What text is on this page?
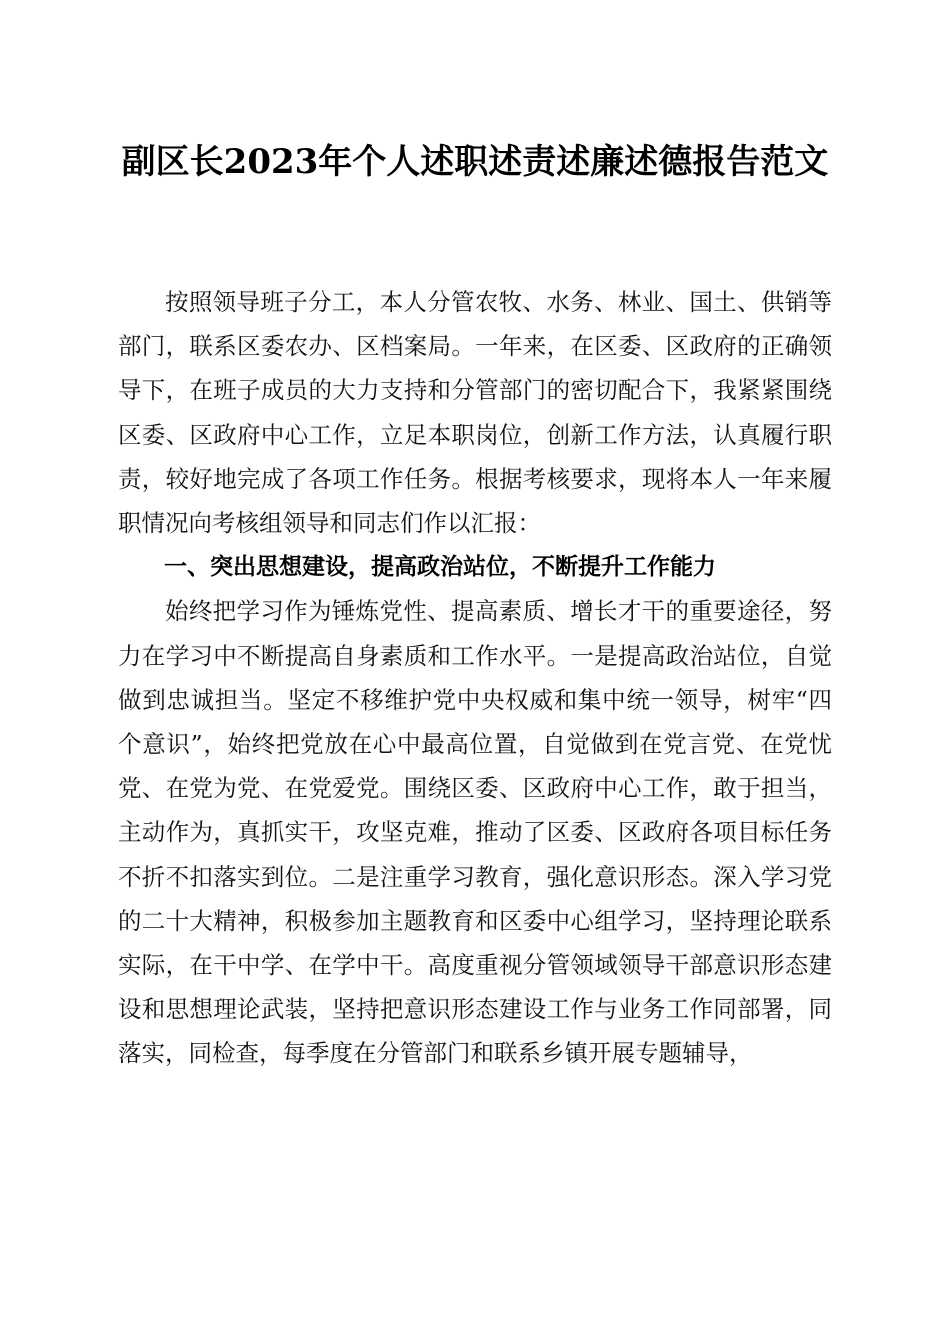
副区长2023年个人述职述责述廉述德报告范文

按照领导班子分工，本人分管农牧、水务、林业、国土、供销等部门，联系区委农办、区档案局。一年来，在区委、区政府的正确领导下，在班子成员的大力支持和分管部门的密切配合下，我紧紧围绕区委、区政府中心工作，立足本职岗位，创新工作方法，认真履行职责，较好地完成了各项工作任务。根据考核要求，现将本人一年来履职情况向考核组领导和同志们作以汇报：

一、突出思想建设，提高政治站位，不断提升工作能力

始终把学习作为锤炼党性、提高素质、增长才干的重要途径，努力在学习中不断提高自身素质和工作水平。一是提高政治站位，自觉做到忠诚担当。坚定不移维护党中央权威和集中统一领导，树牢“四个意识”，始终把党放在心中最高位置，自觉做到在党言党、在党忧党、在党为党、在党爱党。围绕区委、区政府中心工作，敢于担当，主动作为，真抓实干，攻坚克难，推动了区委、区政府各项目标任务不折不扣落实到位。二是注重学习教育，强化意识形态。深入学习党的二十大精神，积极参加主题教育和区委中心组学习，坚持理论联系实际，在干中学、在学中干。高度重视分管领域领导干部意识形态建设和思想理论武装，坚持把意识形态建设工作与业务工作同部署，同落实，同检查，每季度在分管部门和联系乡镇开展专题辅导，
